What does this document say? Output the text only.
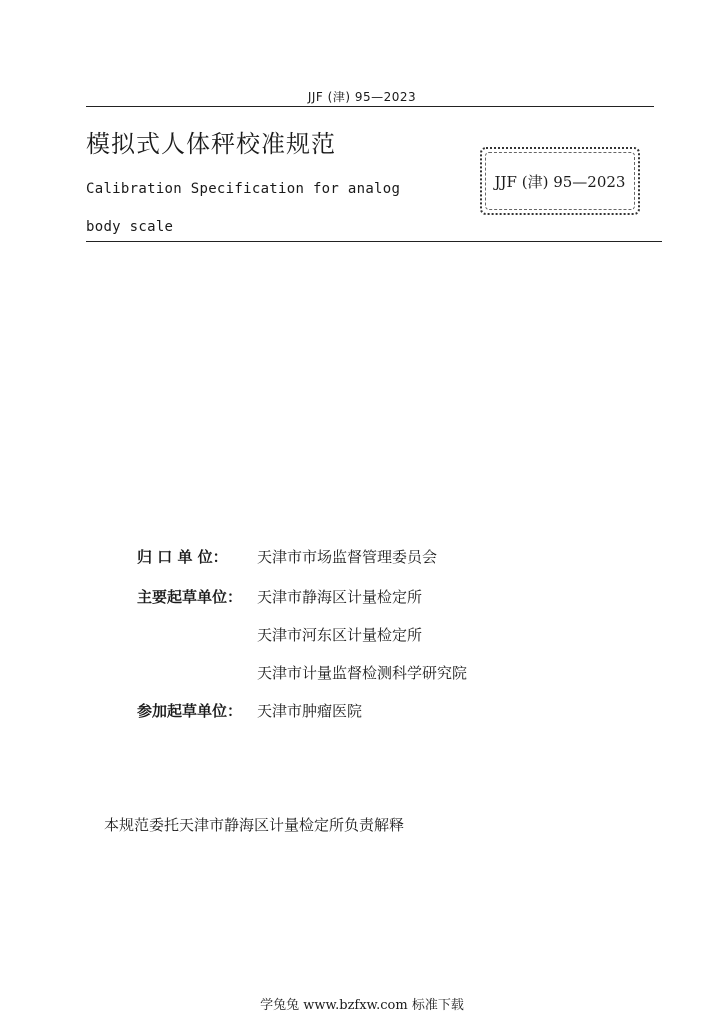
JJF (津) 95—2023
模拟式人体秤校准规范
Calibration Specification for analog
body scale
JJF (津) 95—2023
归 口 单 位：	天津市市场监督管理委员会
主要起草单位： 天津市静海区计量检定所
天津市河东区计量检定所
天津市计量监督检测科学研究院
参加起草单位： 天津市肿瘤医院
本规范委托天津市静海区计量检定所负责解释
学兔兔 www.bzfxw.com 标准下载
